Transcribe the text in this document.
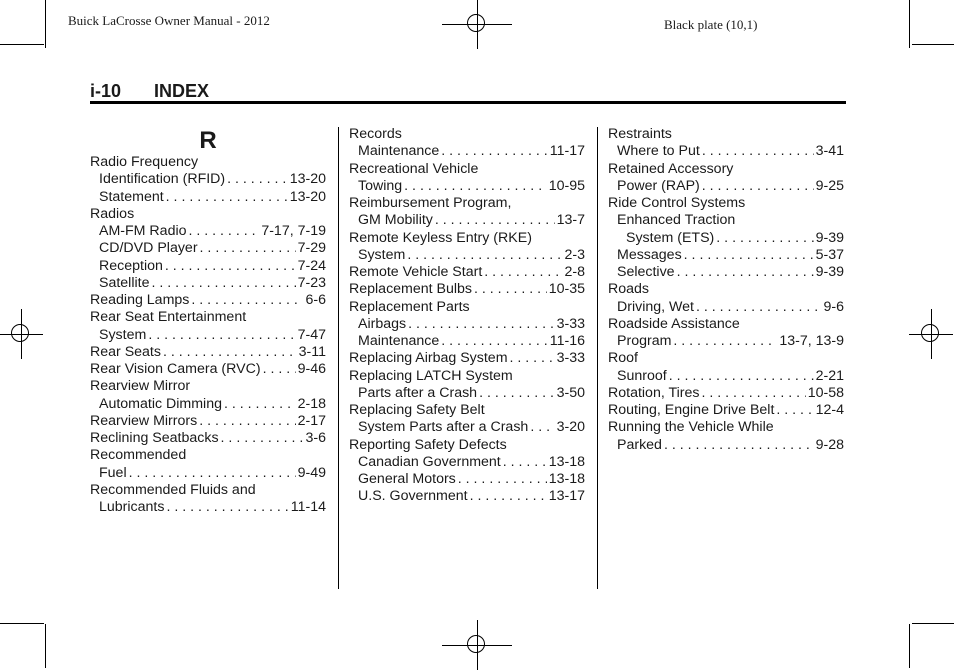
Buick LaCrosse Owner Manual - 2012	Black plate (10,1)
i-10 INDEX
R
Radio Frequency
Identification (RFID) . . .	13-20
Statement . . .	13-20
Radios
AM-FM Radio . . .	7-17, 7-19
CD/DVD Player . . .	7-29
Reception . . .	7-24
Satellite . . .	7-23
Reading Lamps . . .	6-6
Rear Seat Entertainment
System . . .	7-47
Rear Seats . . .	3-11
Rear Vision Camera (RVC) . . .	9-46
Rearview Mirror
Automatic Dimming . . .	2-18
Rearview Mirrors . . .	2-17
Reclining Seatbacks . . .	3-6
Recommended
Fuel . . .	9-49
Recommended Fluids and
Lubricants . . .	11-14
Records
Maintenance . . .	11-17
Recreational Vehicle
Towing . . .	10-95
Reimbursement Program,
GM Mobility . . .	13-7
Remote Keyless Entry (RKE)
System . . .	2-3
Remote Vehicle Start . . .	2-8
Replacement Bulbs . . .	10-35
Replacement Parts
Airbags . . .	3-33
Maintenance . . .	11-16
Replacing Airbag System . . .	3-33
Replacing LATCH System
Parts after a Crash . . .	3-50
Replacing Safety Belt
System Parts after a Crash . . . 3-20
Reporting Safety Defects
Canadian Government . . .	13-18
General Motors . . .	13-18
U.S. Government . . .	13-17
Restraints
Where to Put . . .	3-41
Retained Accessory
Power (RAP) . . .	9-25
Ride Control Systems
Enhanced Traction
System (ETS) . . .	9-39
Messages . . .	5-37
Selective . . .	9-39
Roads
Driving, Wet . . .	9-6
Roadside Assistance
Program . . .	13-7, 13-9
Roof
Sunroof . . .	2-21
Rotation, Tires . . .	10-58
Routing, Engine Drive Belt . . .	12-4
Running the Vehicle While
Parked . . .	9-28
